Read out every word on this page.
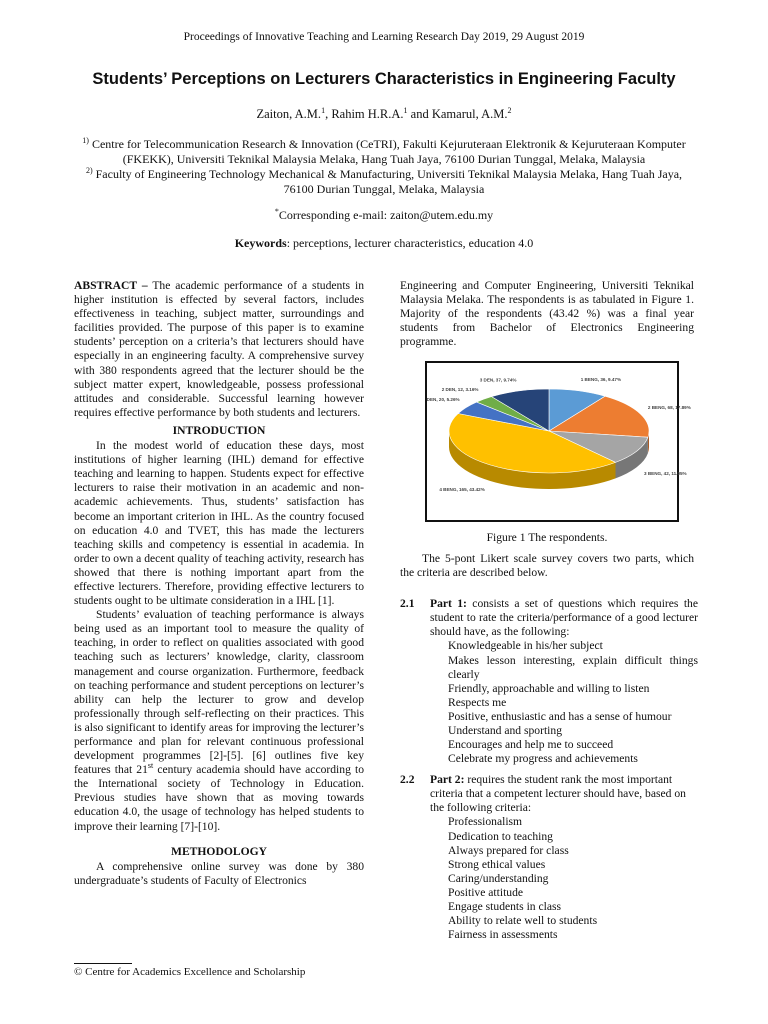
Proceedings of Innovative Teaching and Learning Research Day 2019, 29 August 2019
Students’ Perceptions on Lecturers Characteristics in Engineering Faculty
Zaiton, A.M.$^1$, Rahim H.R.A.$^1$ and Kamarul, A.M.$^2$
$^{1)}$ Centre for Telecommunication Research & Innovation (CeTRI), Fakulti Kejuruteraan Elektronik & Kejuruteraan Komputer (FKEKK), Universiti Teknikal Malaysia Melaka, Hang Tuah Jaya, 76100 Durian Tunggal, Melaka, Malaysia
$^{2)}$ Faculty of Engineering Technology Mechanical & Manufacturing, Universiti Teknikal Malaysia Melaka, Hang Tuah Jaya, 76100 Durian Tunggal, Melaka, Malaysia
*Corresponding e-mail: zaiton@utem.edu.my
Keywords: perceptions, lecturer characteristics, education 4.0

ABSTRACT – The academic performance of a students in higher institution is effected by several factors, includes effectiveness in teaching, subject matter, surroundings and facilities provided. The purpose of this paper is to examine students’ perception on a criteria’s that lecturers should have especially in an engineering faculty. A comprehensive survey with 380 respondents agreed that the lecturer should be the subject matter expert, knowledgeable, possess professional attitudes and considerable. Successful learning however requires effective performance by both students and lecturers.

INTRODUCTION

In the modest world of education these days, most institutions of higher learning (IHL) demand for effective teaching and learning to happen. Students expect for effective lecturers to raise their motivation in an academic and non-academic achievements. Thus, students’ satisfaction has become an important criterion in IHL. As the country focused on education 4.0 and TVET, this has made the lecturers teaching skills and competency is essential in academia. In order to own a decent quality of teaching activity, research has showed that there is nothing important apart from the effective lecturers. Therefore, providing effective lecturers to students ought to be ultimate consideration in a IHL [1].

Students’ evaluation of teaching performance is always being used as an important tool to measure the quality of teaching, in order to reflect on qualities associated with good teaching such as lecturers’ knowledge, clarity, classroom management and course organization. Furthermore, feedback on teaching performance and student perceptions on lecturer’s ability can help the lecturer to grow and develop professionally through self-reflecting on their practices. This is also significant to identify areas for improving the lecturer’s performance and plan for relevant continuous professional development programmes [2]-[5]. [6] outlines five key features that 21st century academia should have according to the International society of Technology in Education. Previous studies have shown that as moving towards education 4.0, the usage of technology has helped students to improve their learning [7]-[10].

METHODOLOGY

A comprehensive online survey was done by 380 undergraduate’s students of Faculty of Electronics

Engineering and Computer Engineering, Universiti Teknikal Malaysia Melaka. The respondents is as tabulated in Figure 1. Majority of the respondents (43.42 %) was a final year students from Bachelor of Electronics Engineering programme.

1 BENG, 36, 9.47%
2 BENG, 68, 17.89%
3 BENG, 42, 11.05%
4 BENG, 165, 43.42%
DEN, 20, 5.26%
2 DEN, 12, 3.16%
3 DEN, 37, 9.74%
Figure 1 The respondents.

The 5-pont Likert scale survey covers two parts, which the criteria are described below.

2.1 Part 1: consists a set of questions which requires the student to rate the criteria/performance of a good lecturer should have, as the following:
Knowledgeable in his/her subject
Makes lesson interesting, explain difficult things clearly
Friendly, approachable and willing to listen
Respects me
Positive, enthusiastic and has a sense of humour
Understand and sporting
Encourages and help me to succeed
Celebrate my progress and achievements
2.2 Part 2: requires the student rank the most important criteria that a competent lecturer should have, based on the following criteria:
Professionalism
Dedication to teaching
Always prepared for class
Strong ethical values
Caring/understanding
Positive attitude
Engage students in class
Ability to relate well to students
Fairness in assessments
© Centre for Academics Excellence and Scholarship
